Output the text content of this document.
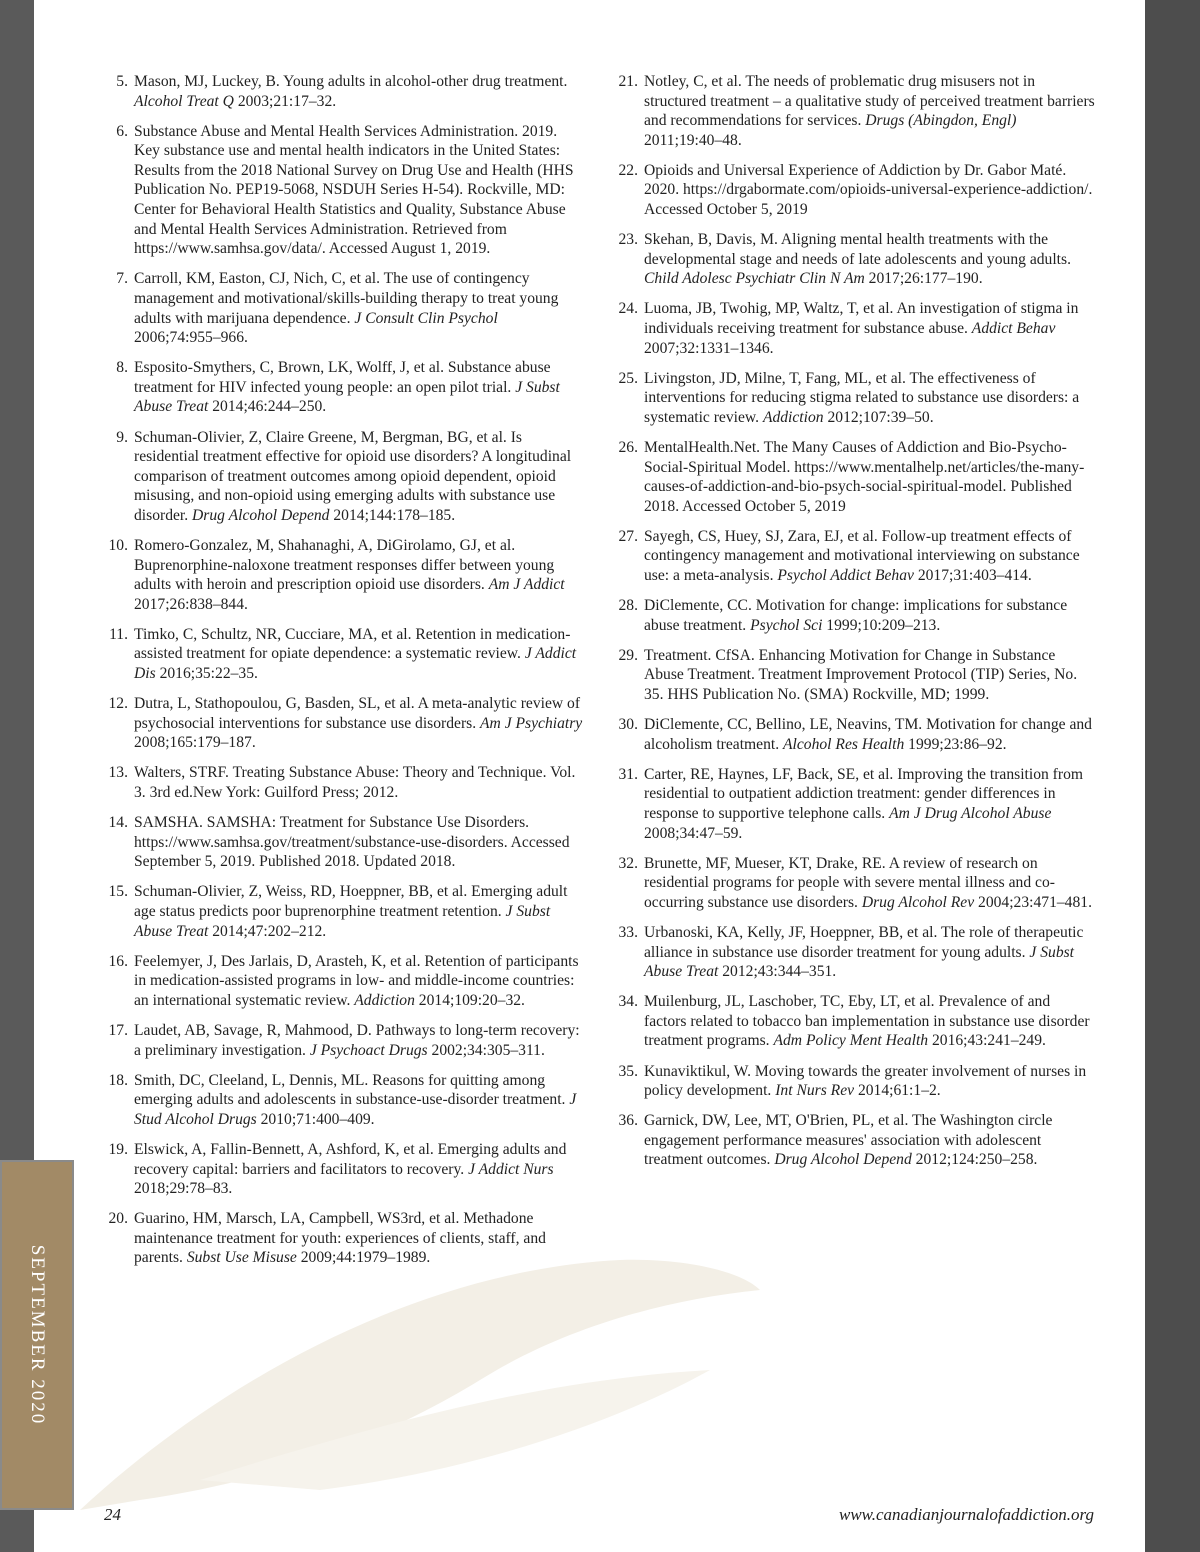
SEPTEMBER 2020
5. Mason, MJ, Luckey, B. Young adults in alcohol-other drug treatment. Alcohol Treat Q 2003;21:17–32.
6. Substance Abuse and Mental Health Services Administration. 2019. Key substance use and mental health indicators in the United States: Results from the 2018 National Survey on Drug Use and Health (HHS Publication No. PEP19-5068, NSDUH Series H-54). Rockville, MD: Center for Behavioral Health Statistics and Quality, Substance Abuse and Mental Health Services Administration. Retrieved from https://www.samhsa.gov/data/. Accessed August 1, 2019.
7. Carroll, KM, Easton, CJ, Nich, C, et al. The use of contingency management and motivational/skills-building therapy to treat young adults with marijuana dependence. J Consult Clin Psychol 2006;74:955–966.
8. Esposito-Smythers, C, Brown, LK, Wolff, J, et al. Substance abuse treatment for HIV infected young people: an open pilot trial. J Subst Abuse Treat 2014;46:244–250.
9. Schuman-Olivier, Z, Claire Greene, M, Bergman, BG, et al. Is residential treatment effective for opioid use disorders? A longitudinal comparison of treatment outcomes among opioid dependent, opioid misusing, and non-opioid using emerging adults with substance use disorder. Drug Alcohol Depend 2014;144:178–185.
10. Romero-Gonzalez, M, Shahanaghi, A, DiGirolamo, GJ, et al. Buprenorphine-naloxone treatment responses differ between young adults with heroin and prescription opioid use disorders. Am J Addict 2017;26:838–844.
11. Timko, C, Schultz, NR, Cucciare, MA, et al. Retention in medication-assisted treatment for opiate dependence: a systematic review. J Addict Dis 2016;35:22–35.
12. Dutra, L, Stathopoulou, G, Basden, SL, et al. A meta-analytic review of psychosocial interventions for substance use disorders. Am J Psychiatry 2008;165:179–187.
13. Walters, STRF. Treating Substance Abuse: Theory and Technique. Vol. 3. 3rd ed.New York: Guilford Press; 2012.
14. SAMSHA. SAMSHA: Treatment for Substance Use Disorders. https://www.samhsa.gov/treatment/substance-use-disorders. Accessed September 5, 2019. Published 2018. Updated 2018.
15. Schuman-Olivier, Z, Weiss, RD, Hoeppner, BB, et al. Emerging adult age status predicts poor buprenorphine treatment retention. J Subst Abuse Treat 2014;47:202–212.
16. Feelemyer, J, Des Jarlais, D, Arasteh, K, et al. Retention of participants in medication-assisted programs in low- and middle-income countries: an international systematic review. Addiction 2014;109:20–32.
17. Laudet, AB, Savage, R, Mahmood, D. Pathways to long-term recovery: a preliminary investigation. J Psychoact Drugs 2002;34:305–311.
18. Smith, DC, Cleeland, L, Dennis, ML. Reasons for quitting among emerging adults and adolescents in substance-use-disorder treatment. J Stud Alcohol Drugs 2010;71:400–409.
19. Elswick, A, Fallin-Bennett, A, Ashford, K, et al. Emerging adults and recovery capital: barriers and facilitators to recovery. J Addict Nurs 2018;29:78–83.
20. Guarino, HM, Marsch, LA, Campbell, WS3rd, et al. Methadone maintenance treatment for youth: experiences of clients, staff, and parents. Subst Use Misuse 2009;44:1979–1989.
21. Notley, C, et al. The needs of problematic drug misusers not in structured treatment – a qualitative study of perceived treatment barriers and recommendations for services. Drugs (Abingdon, Engl) 2011;19:40–48.
22. Opioids and Universal Experience of Addiction by Dr. Gabor Maté. 2020. https://drgabormate.com/opioids-universal-experience-addiction/. Accessed October 5, 2019
23. Skehan, B, Davis, M. Aligning mental health treatments with the developmental stage and needs of late adolescents and young adults. Child Adolesc Psychiatr Clin N Am 2017;26:177–190.
24. Luoma, JB, Twohig, MP, Waltz, T, et al. An investigation of stigma in individuals receiving treatment for substance abuse. Addict Behav 2007;32:1331–1346.
25. Livingston, JD, Milne, T, Fang, ML, et al. The effectiveness of interventions for reducing stigma related to substance use disorders: a systematic review. Addiction 2012;107:39–50.
26. MentalHealth.Net. The Many Causes of Addiction and Bio-Psycho-Social-Spiritual Model. https://www.mentalhelp.net/articles/the-many-causes-of-addiction-and-bio-psych-social-spiritual-model. Published 2018. Accessed October 5, 2019
27. Sayegh, CS, Huey, SJ, Zara, EJ, et al. Follow-up treatment effects of contingency management and motivational interviewing on substance use: a meta-analysis. Psychol Addict Behav 2017;31:403–414.
28. DiClemente, CC. Motivation for change: implications for substance abuse treatment. Psychol Sci 1999;10:209–213.
29. Treatment. CfSA. Enhancing Motivation for Change in Substance Abuse Treatment. Treatment Improvement Protocol (TIP) Series, No. 35. HHS Publication No. (SMA) Rockville, MD; 1999.
30. DiClemente, CC, Bellino, LE, Neavins, TM. Motivation for change and alcoholism treatment. Alcohol Res Health 1999;23:86–92.
31. Carter, RE, Haynes, LF, Back, SE, et al. Improving the transition from residential to outpatient addiction treatment: gender differences in response to supportive telephone calls. Am J Drug Alcohol Abuse 2008;34:47–59.
32. Brunette, MF, Mueser, KT, Drake, RE. A review of research on residential programs for people with severe mental illness and co-occurring substance use disorders. Drug Alcohol Rev 2004;23:471–481.
33. Urbanoski, KA, Kelly, JF, Hoeppner, BB, et al. The role of therapeutic alliance in substance use disorder treatment for young adults. J Subst Abuse Treat 2012;43:344–351.
34. Muilenburg, JL, Laschober, TC, Eby, LT, et al. Prevalence of and factors related to tobacco ban implementation in substance use disorder treatment programs. Adm Policy Ment Health 2016;43:241–249.
35. Kunaviktikul, W. Moving towards the greater involvement of nurses in policy development. Int Nurs Rev 2014;61:1–2.
36. Garnick, DW, Lee, MT, O'Brien, PL, et al. The Washington circle engagement performance measures' association with adolescent treatment outcomes. Drug Alcohol Depend 2012;124:250–258.
24	www.canadianjournalofaddiction.org
